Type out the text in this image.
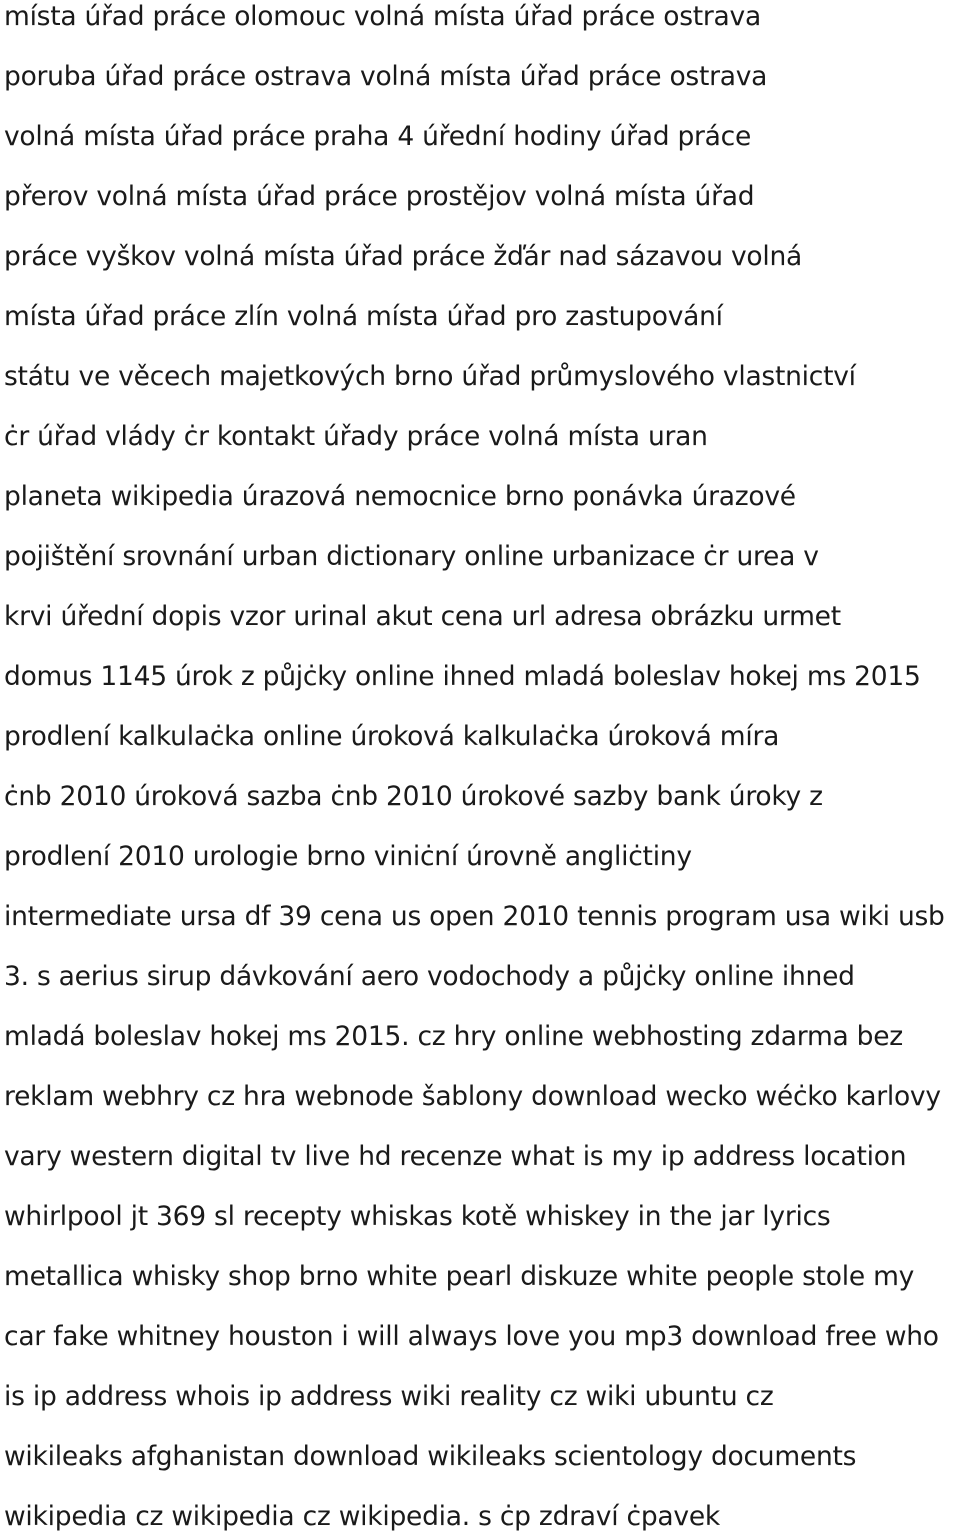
místa úřad práce olomouc volná místa úřad práce ostrava
poruba úřad práce ostrava volná místa úřad práce ostrava
volná místa úřad práce praha 4 úřední hodiny úřad práce
přerov volná místa úřad práce prostějov volná místa úřad
práce vyškov volná místa úřad práce žďár nad sázavou volná
místa úřad práce zlín volná místa úřad pro zastupování
státu ve věcech majetkových brno úřad průmyslového vlastnictví
ċr úřad vlády ċr kontakt úřady práce volná místa uran
planeta wikipedia úrazová nemocnice brno ponávka úrazové
pojištění srovnání urban dictionary online urbanizace ċr urea v
krvi úřední dopis vzor urinal akut cena url adresa obrázku urmet
domus 1145 úrok z půjċky online ihned mladá boleslav hokej ms 2015
prodlení kalkulaċka online úroková kalkulaċka úroková míra
ċnb 2010 úroková sazba ċnb 2010 úrokové sazby bank úroky z
prodlení 2010 urologie brno viniċní úrovně angliċtiny
intermediate ursa df 39 cena us open 2010 tennis program usa wiki usb
3. s aerius sirup dávkování aero vodochody a půjċky online ihned
mladá boleslav hokej ms 2015. cz hry online webhosting zdarma bez
reklam webhry cz hra webnode šablony download wecko wéċko karlovy
vary western digital tv live hd recenze what is my ip address location
whirlpool jt 369 sl recepty whiskas kotě whiskey in the jar lyrics
metallica whisky shop brno white pearl diskuze white people stole my
car fake whitney houston i will always love you mp3 download free who
is ip address whois ip address wiki reality cz wiki ubuntu cz
wikileaks afghanistan download wikileaks scientology documents
wikipedia cz wikipedia cz wikipedia. s ċp zdraví ċpavek
